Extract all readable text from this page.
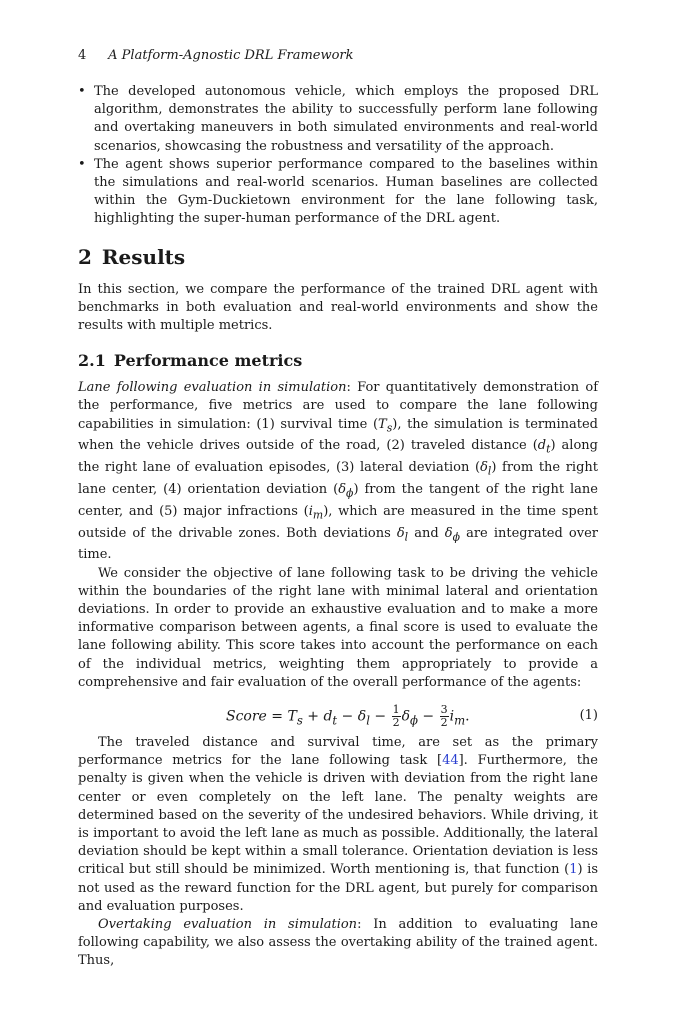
4 A Platform-Agnostic DRL Framework
• The developed autonomous vehicle, which employs the proposed DRL algorithm, demonstrates the ability to successfully perform lane following and overtaking maneuvers in both simulated environments and real-world scenarios, showcasing the robustness and versatility of the approach.
• The agent shows superior performance compared to the baselines within the simulations and real-world scenarios. Human baselines are collected within the Gym-Duckietown environment for the lane following task, highlighting the super-human performance of the DRL agent.
2 Results

In this section, we compare the performance of the trained DRL agent with benchmarks in both evaluation and real-world environments and show the results with multiple metrics.

2.1 Performance metrics

Lane following evaluation in simulation: For quantitatively demonstration of the performance, five metrics are used to compare the lane following capabilities in simulation: (1) survival time $(T_s)$, the simulation is terminated when the vehicle drives outside of the road, (2) traveled distance $(d_t)$ along the right lane of evaluation episodes, (3) lateral deviation $(\delta_l)$ from the right lane center, (4) orientation deviation $(\delta_\phi)$ from the tangent of the right lane center, and (5) major infractions $(i_m)$, which are measured in the time spent outside of the drivable zones. Both deviations $\delta_l$ and $\delta_\phi$ are integrated over time.

We consider the objective of lane following task to be driving the vehicle within the boundaries of the right lane with minimal lateral and orientation deviations. In order to provide an exhaustive evaluation and to make a more informative comparison between agents, a final score is used to evaluate the lane following ability. This score takes into account the performance on each of the individual metrics, weighting them appropriately to provide a comprehensive and fair evaluation of the overall performance of the agents:

Score = $T_s + d_t - \delta_l - \frac{1}{2} \delta_\phi - \frac{3}{2} i_m$.	(1)

The traveled distance and survival time, are set as the primary performance metrics for the lane following task [44]. Furthermore, the penalty is given when the vehicle is driven with deviation from the right lane center or even completely on the left lane. The penalty weights are determined based on the severity of the undesired behaviors. While driving, it is important to avoid the left lane as much as possible. Additionally, the lateral deviation should be kept within a small tolerance. Orientation deviation is less critical but still should be minimized. Worth mentioning is, that function (1) is not used as the reward function for the DRL agent, but purely for comparison and evaluation purposes.

Overtaking evaluation in simulation: In addition to evaluating lane following capability, we also assess the overtaking ability of the trained agent. Thus,
